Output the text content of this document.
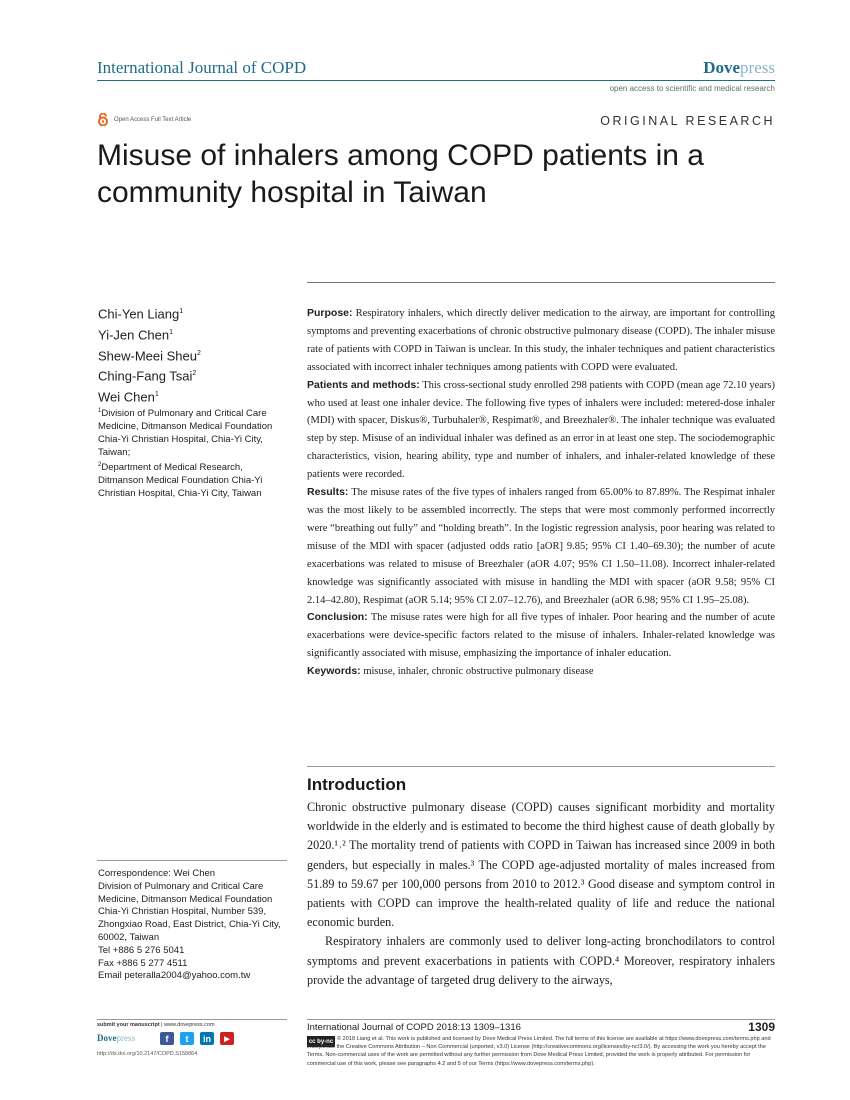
International Journal of COPD	Dovepress
open access to scientific and medical research
Open Access Full Text Article	ORIGINAL RESEARCH
Misuse of inhalers among COPD patients in a community hospital in Taiwan
Chi-Yen Liang$^1$
Yi-Jen Chen$^1$
Shew-Meei Sheu$^2$
Ching-Fang Tsai$^2$
Wei Chen$^1$
$^1$Division of Pulmonary and Critical Care Medicine, Ditmanson Medical Foundation Chia-Yi Christian Hospital, Chia-Yi City, Taiwan;
$^2$Department of Medical Research, Ditmanson Medical Foundation Chia-Yi Christian Hospital, Chia-Yi City, Taiwan
Correspondence: Wei Chen
Division of Pulmonary and Critical Care Medicine, Ditmanson Medical Foundation Chia-Yi Christian Hospital, Number 539, Zhongxiao Road, East District, Chia-Yi City, 60002, Taiwan
Tel +886 5 276 5041
Fax +886 5 277 4511
Email peteralla2004@yahoo.com.tw

Purpose: Respiratory inhalers, which directly deliver medication to the airway, are important for controlling symptoms and preventing exacerbations of chronic obstructive pulmonary disease (COPD). The inhaler misuse rate of patients with COPD in Taiwan is unclear. In this study, the inhaler techniques and patient characteristics associated with incorrect inhaler techniques among patients with COPD were evaluated.

Patients and methods: This cross-sectional study enrolled 298 patients with COPD (mean age 72.10 years) who used at least one inhaler device. The following five types of inhalers were included: metered-dose inhaler (MDI) with spacer, Diskus®, Turbuhaler®, Respimat®, and Breezhaler®. The inhaler technique was evaluated step by step. Misuse of an individual inhaler was defined as an error in at least one step. The sociodemographic characteristics, vision, hearing ability, type and number of inhalers, and inhaler-related knowledge of these patients were recorded.

Results: The misuse rates of the five types of inhalers ranged from 65.00% to 87.89%. The Respimat inhaler was the most likely to be assembled incorrectly. The steps that were most commonly performed incorrectly were “breathing out fully” and “holding breath”. In the logistic regression analysis, poor hearing was related to misuse of the MDI with spacer (adjusted odds ratio [aOR] 9.85; 95% CI 1.40–69.30); the number of acute exacerbations was related to misuse of Breezhaler (aOR 4.07; 95% CI 1.50–11.08). Incorrect inhaler-related knowledge was significantly associated with misuse in handling the MDI with spacer (aOR 9.58; 95% CI 2.14–42.80), Respimat (aOR 5.14; 95% CI 2.07–12.76), and Breezhaler (aOR 6.98; 95% CI 1.95–25.08).

Conclusion: The misuse rates were high for all five types of inhaler. Poor hearing and the number of acute exacerbations were device-specific factors related to the misuse of inhalers. Inhaler-related knowledge was significantly associated with misuse, emphasizing the importance of inhaler education.

Keywords: misuse, inhaler, chronic obstructive pulmonary disease

Introduction

Chronic obstructive pulmonary disease (COPD) causes significant morbidity and mortality worldwide in the elderly and is estimated to become the third highest cause of death globally by 2020.¹˒² The mortality trend of patients with COPD in Taiwan has increased since 2009 in both genders, but especially in males.³ The COPD age-adjusted mortality of males increased from 51.89 to 59.67 per 100,000 persons from 2010 to 2012.³ Good disease and symptom control in patients with COPD can improve the health-related quality of life and reduce the national economic burden.

Respiratory inhalers are commonly used to deliver long-acting bronchodilators to control symptoms and prevent exacerbations in patients with COPD.⁴ Moreover, respiratory inhalers provide the advantage of targeted drug delivery to the airways,

submit your manuscript | www.dovepress.com
Dovepress	f	t	in	▶
http://dx.doi.org/10.2147/COPD.S158864
International Journal of COPD 2018:13 1309–1316	1309
cc by-nc © 2018 Liang et al. This work is published and licensed by Dove Medical Press Limited. The full terms of this license are available at https://www.dovepress.com/terms.php and incorporate the Creative Commons Attribution – Non Commercial (unported, v3.0) License (http://creativecommons.org/licenses/by-nc/3.0/). By accessing the work you hereby accept the Terms. Non-commercial uses of the work are permitted without any further permission from Dove Medical Press Limited, provided the work is properly attributed. For permission for commercial use of this work, please see paragraphs 4.2 and 5 of our Terms (https://www.dovepress.com/terms.php).
